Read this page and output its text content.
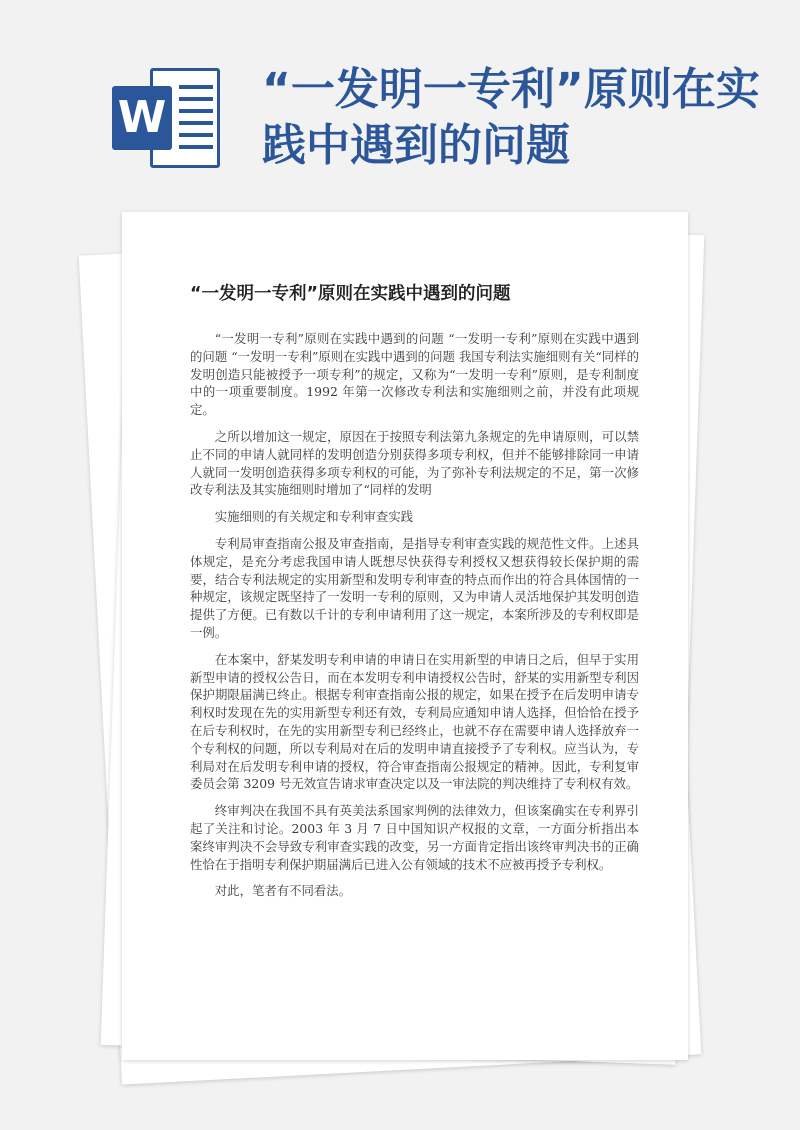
W
“一发明一专利”原则在实践中遇到的问题
“一发明一专利”原则在实践中遇到的问题

“一发明一专利”原则在实践中遇到的问题 “一发明一专利”原则在实践中遇到的问题 “一发明一专利”原则在实践中遇到的问题 我国专利法实施细则有关“同样的发明创造只能被授予一项专利”的规定，又称为“一发明一专利”原则，是专利制度中的一项重要制度。1992 年第一次修改专利法和实施细则之前，并没有此项规定。

之所以增加这一规定，原因在于按照专利法第九条规定的先申请原则，可以禁止不同的申请人就同样的发明创造分别获得多项专利权，但并不能够排除同一申请人就同一发明创造获得多项专利权的可能，为了弥补专利法规定的不足，第一次修改专利法及其实施细则时增加了“同样的发明

实施细则的有关规定和专利审查实践

专利局审查指南公报及审查指南，是指导专利审查实践的规范性文件。上述具体规定，是充分考虑我国申请人既想尽快获得专利授权又想获得较长保护期的需要，结合专利法规定的实用新型和发明专利审查的特点而作出的符合具体国情的一种规定，该规定既坚持了一发明一专利的原则，又为申请人灵活地保护其发明创造提供了方便。已有数以千计的专利申请利用了这一规定，本案所涉及的专利权即是一例。

在本案中，舒某发明专利申请的申请日在实用新型的申请日之后，但早于实用新型申请的授权公告日，而在本发明专利申请授权公告时，舒某的实用新型专利因保护期限届满已终止。根据专利审查指南公报的规定，如果在授予在后发明申请专利权时发现在先的实用新型专利还有效，专利局应通知申请人选择，但恰恰在授予在后专利权时，在先的实用新型专利已经终止，也就不存在需要申请人选择放弃一个专利权的问题，所以专利局对在后的发明申请直接授予了专利权。应当认为，专利局对在后发明专利申请的授权，符合审查指南公报规定的精神。因此，专利复审委员会第 3209 号无效宣告请求审查决定以及一审法院的判决维持了专利权有效。

终审判决在我国不具有英美法系国家判例的法律效力，但该案确实在专利界引起了关注和讨论。2003 年 3 月 7 日中国知识产权报的文章，一方面分析指出本案终审判决不会导致专利审查实践的改变，另一方面肯定指出该终审判决书的正确性恰在于指明专利保护期届满后已进入公有领域的技术不应被再授予专利权。

对此，笔者有不同看法。
